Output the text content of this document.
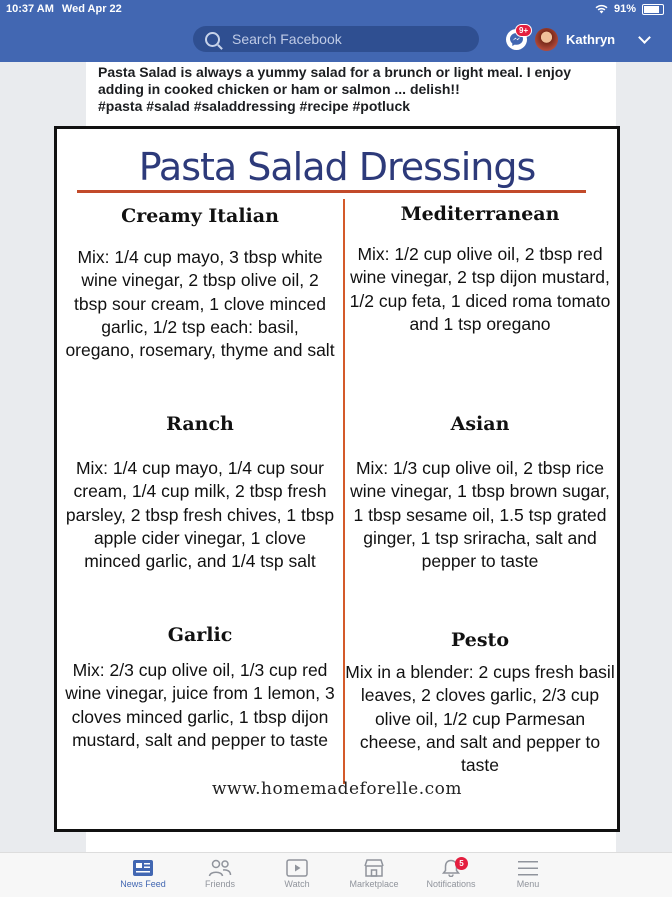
10:37 AM Wed Apr 22	91%
Search Facebook
9+
Kathryn
Pasta Salad is always a yummy salad for a brunch or light meal. I enjoy adding in cooked chicken or ham or salmon ... delish!!
#pasta #salad #saladdressing #recipe #potluck
Pasta Salad Dressings
Creamy Italian

Mix: 1/4 cup mayo, 3 tbsp white wine vinegar, 2 tbsp olive oil, 2 tbsp sour cream, 1 clove minced garlic, 1/2 tsp each: basil, oregano, rosemary, thyme and salt

Mediterranean

Mix: 1/2 cup olive oil, 2 tbsp red wine vinegar, 2 tsp dijon mustard, 1/2 cup feta, 1 diced roma tomato and 1 tsp oregano

Ranch

Mix: 1/4 cup mayo, 1/4 cup sour cream, 1/4 cup milk, 2 tbsp fresh parsley, 2 tbsp fresh chives, 1 tbsp apple cider vinegar, 1 clove minced garlic, and 1/4 tsp salt

Asian

Mix: 1/3 cup olive oil, 2 tbsp rice wine vinegar, 1 tbsp brown sugar, 1 tbsp sesame oil, 1.5 tsp grated ginger, 1 tsp sriracha, salt and pepper to taste

Garlic

Mix: 2/3 cup olive oil, 1/3 cup red wine vinegar, juice from 1 lemon, 3 cloves minced garlic, 1 tbsp dijon mustard, salt and pepper to taste

Pesto

Mix in a blender: 2 cups fresh basil leaves, 2 cloves garlic, 2/3 cup olive oil, 1/2 cup Parmesan cheese, and salt and pepper to taste

www.homemadeforelle.com
News Feed	Friends	Watch	Marketplace
5
Notifications	Menu
